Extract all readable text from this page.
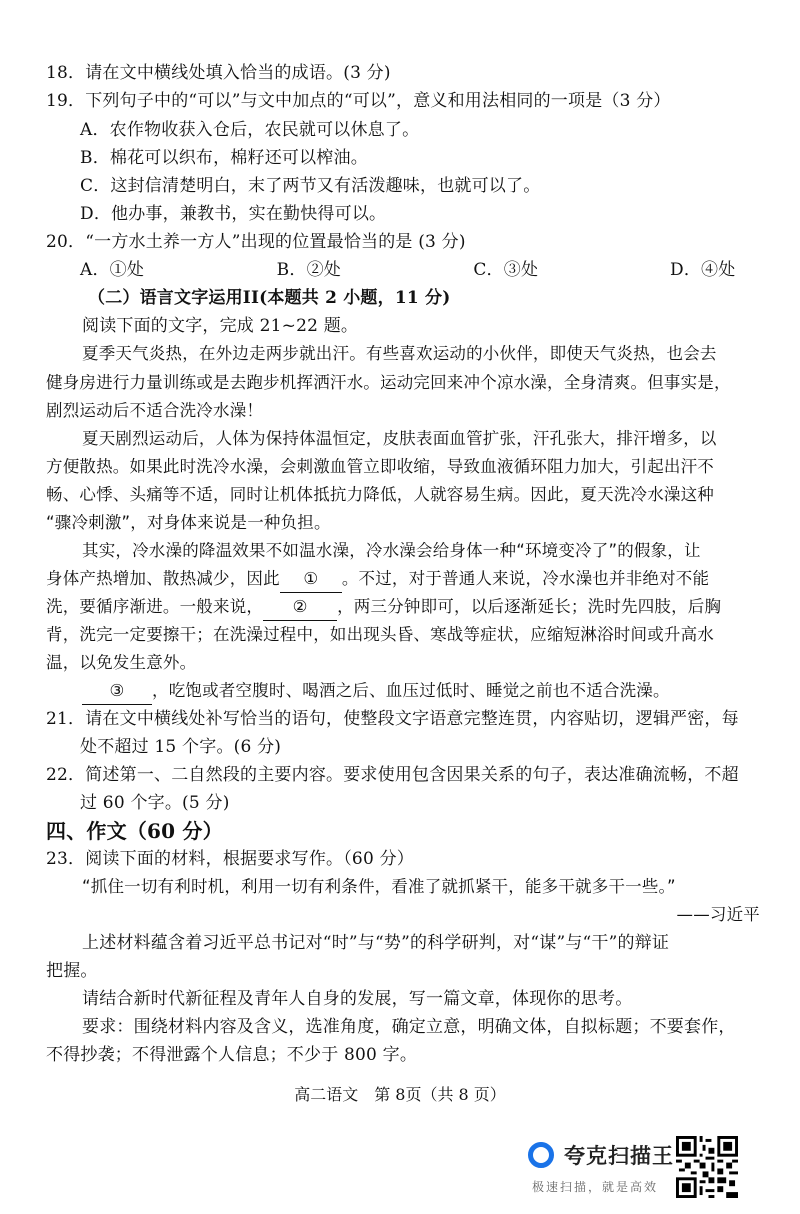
18．请在文中横线处填入恰当的成语。(3 分)
19．下列句子中的“可以”与文中加点的“可以”，意义和用法相同的一项是（3 分）
A．农作物收获入仓后，农民就可以休息了。
B．棉花可以织布，棉籽还可以榨油。
C．这封信清楚明白，末了两节又有活泼趣味，也就可以了。
D．他办事，兼教书，实在勤快得可以。
20．“一方水土养一方人”出现的位置最恰当的是 (3 分)
A．①处	B．②处	C．③处	D．④处
（二）语言文字运用II(本题共 2 小题，11 分)
阅读下面的文字，完成 21~22 题。
夏季天气炎热，在外边走两步就出汗。有些喜欢运动的小伙伴，即使天气炎热，也会去
健身房进行力量训练或是去跑步机挥洒汗水。运动完回来冲个凉水澡，全身清爽。但事实是，
剧烈运动后不适合洗冷水澡！
夏天剧烈运动后，人体为保持体温恒定，皮肤表面血管扩张，汗孔张大，排汗增多，以
方便散热。如果此时洗冷水澡，会刺激血管立即收缩，导致血液循环阻力加大，引起出汗不
畅、心悸、头痛等不适，同时让机体抵抗力降低，人就容易生病。因此，夏天洗冷水澡这种
“骤冷刺激”，对身体来说是一种负担。
其实，冷水澡的降温效果不如温水澡，冷水澡会给身体一种“环境变冷了”的假象，让
身体产热增加、散热减少，因此 ① 。不过，对于普通人来说，冷水澡也并非绝对不能
洗，要循序渐进。一般来说， ② ，两三分钟即可，以后逐渐延长；洗时先四肢，后胸
背，洗完一定要擦干；在洗澡过程中，如出现头昏、寒战等症状，应缩短淋浴时间或升高水
温，以免发生意外。
③ ，吃饱或者空腹时、喝酒之后、血压过低时、睡觉之前也不适合洗澡。
21．请在文中横线处补写恰当的语句，使整段文字语意完整连贯，内容贴切，逻辑严密，每
处不超过 15 个字。(6 分)
22．简述第一、二自然段的主要内容。要求使用包含因果关系的句子，表达准确流畅，不超
过 60 个字。(5 分)
四、作文（60 分）
23．阅读下面的材料，根据要求写作。（60 分）
“抓住一切有利时机，利用一切有利条件，看准了就抓紧干，能多干就多干一些。”
——习近平
上述材料蕴含着习近平总书记对“时”与“势”的科学研判，对“谋”与“干”的辩证
把握。
请结合新时代新征程及青年人自身的发展，写一篇文章，体现你的思考。
要求：围绕材料内容及含义，选准角度，确定立意，明确文体，自拟标题；不要套作，
不得抄袭；不得泄露个人信息；不少于 800 字。
高二语文　第 8页（共 8 页）
夸克扫描王
极速扫描，就是高效
